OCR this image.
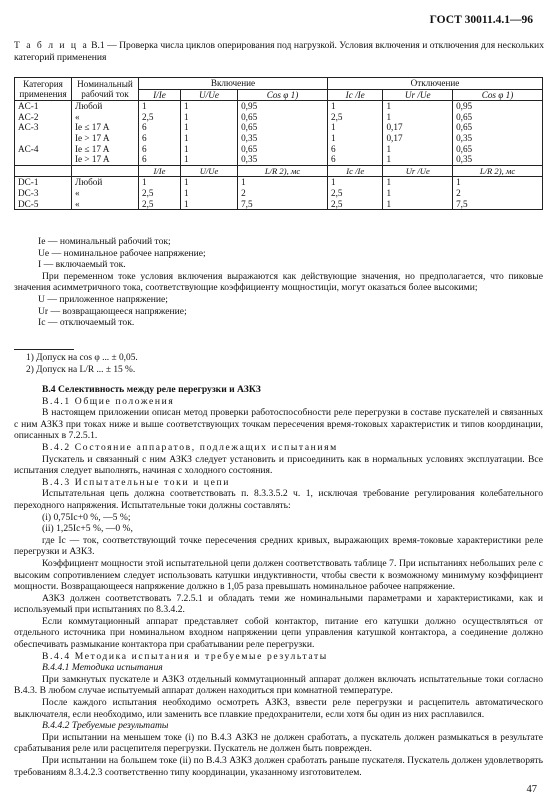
ГОСТ 30011.4.1—96
Т а б л и ц а В.1 — Проверка числа циклов оперирования под нагрузкой. Условия включения и отключения для нескольких категорий применения
Категория применения	Номинальный рабочий ток	Включение			Отключение		
		I/Ie	U/Ue	Cos φ 1)	Ic /Ie	Ur /Ue	Cos φ 1)
AC-1	Любой	1	1	0,95	1	1	0,95
AC-2	«	2,5	1	0,65	2,5	1	0,65
AC-3	Ie ≤ 17 A	6	1	0,65	1	0,17	0,65
	Ie > 17 A	6	1	0,35	1	0,17	0,35
AC-4	Ie ≤ 17 A	6	1	0,65	6	1	0,65
	Ie > 17 A	6	1	0,35	6	1	0,35
		I/Ie	U/Ue	L/R 2), мс	Ic /Ie	Ur /Ue	L/R 2), мс
DC-1	Любой	1	1	1	1	1	1
DC-3	«	2,5	1	2	2,5	1	2
DC-5	«	2,5	1	7,5	2,5	1	7,5

Ie — номинальный рабочий ток;

Ue — номинальное рабочее напряжение;

I — включаемый ток.

При переменном токе условия включения выражаются как действующие значения, но предполагается, что пиковые значения асимметричного тока, соответствующие коэффициенту мощностиціи, могут оказаться более высокими;

U — приложенное напряжение;

Ur — возвращающееся напряжение;

Ic — отключаемый ток.

1) Допуск на cos φ ... ± 0,05.
2) Допуск на L/R ... ± 15 %.

В.4 Селективность между реле перегрузки и АЗКЗ

В.4.1 Общие положения

В настоящем приложении описан метод проверки работоспособности реле перегрузки в составе пускателей и связанных с ним АЗКЗ при токах ниже и выше соответствующих точкам пересечения время-токовых характеристик и типов координации, описанных в 7.2.5.1.

В.4.2 Состояние аппаратов, подлежащих испытаниям

Пускатель и связанный с ним АЗКЗ следует установить и присоединить как в нормальных условиях эксплуатации. Все испытания следует выполнять, начиная с холодного состояния.

В.4.3 Испытательные токи и цепи

Испытательная цепь должна соответствовать п. 8.3.3.5.2 ч. 1, исключая требование регулирования колебательного переходного напряжения. Испытательные токи должны составлять:

(i) 0,75Ic+0 %, —5 %;

(ii) 1,25Ic+5 %, —0 %,

где Ic — ток, соответствующий точке пересечения средних кривых, выражающих время-токовые характеристики реле перегрузки и АЗКЗ.

Коэффициент мощности этой испытательной цепи должен соответствовать таблице 7. При испытаниях небольших реле с высоким сопротивлением следует использовать катушки индуктивности, чтобы свести к возможному минимуму коэффициент мощности. Возвращающееся напряжение должно в 1,05 раза превышать номинальное рабочее напряжение.

АЗКЗ должен соответствовать 7.2.5.1 и обладать теми же номинальными параметрами и характеристиками, как и используемый при испытаниях по 8.3.4.2.

Если коммутационный аппарат представляет собой контактор, питание его катушки должно осуществляться от отдельного источника при номинальном входном напряжении цепи управления катушкой контактора, а соединение должно обеспечивать размыкание контактора при срабатывании реле перегрузки.

В.4.4 Методика испытания и требуемые результаты

В.4.4.1 Методика испытания

При замкнутых пускателе и АЗКЗ отдельный коммутационный аппарат должен включать испытательные токи согласно В.4.3. В любом случае испытуемый аппарат должен находиться при комнатной температуре.

После каждого испытания необходимо осмотреть АЗКЗ, взвести реле перегрузки и расцепитель автоматического выключателя, если необходимо, или заменить все плавкие предохранители, если хотя бы один из них расплавился.

В.4.4.2 Требуемые результаты

При испытании на меньшем токе (i) по В.4.3 АЗКЗ не должен сработать, а пускатель должен размыкаться в результате срабатывания реле или расцепителя перегрузки. Пускатель не должен быть поврежден.

При испытании на большем токе (ii) по В.4.3 АЗКЗ должен сработать раньше пускателя. Пускатель должен удовлетворять требованиям 8.3.4.2.3 соответственно типу координации, указанному изготовителем.

47
